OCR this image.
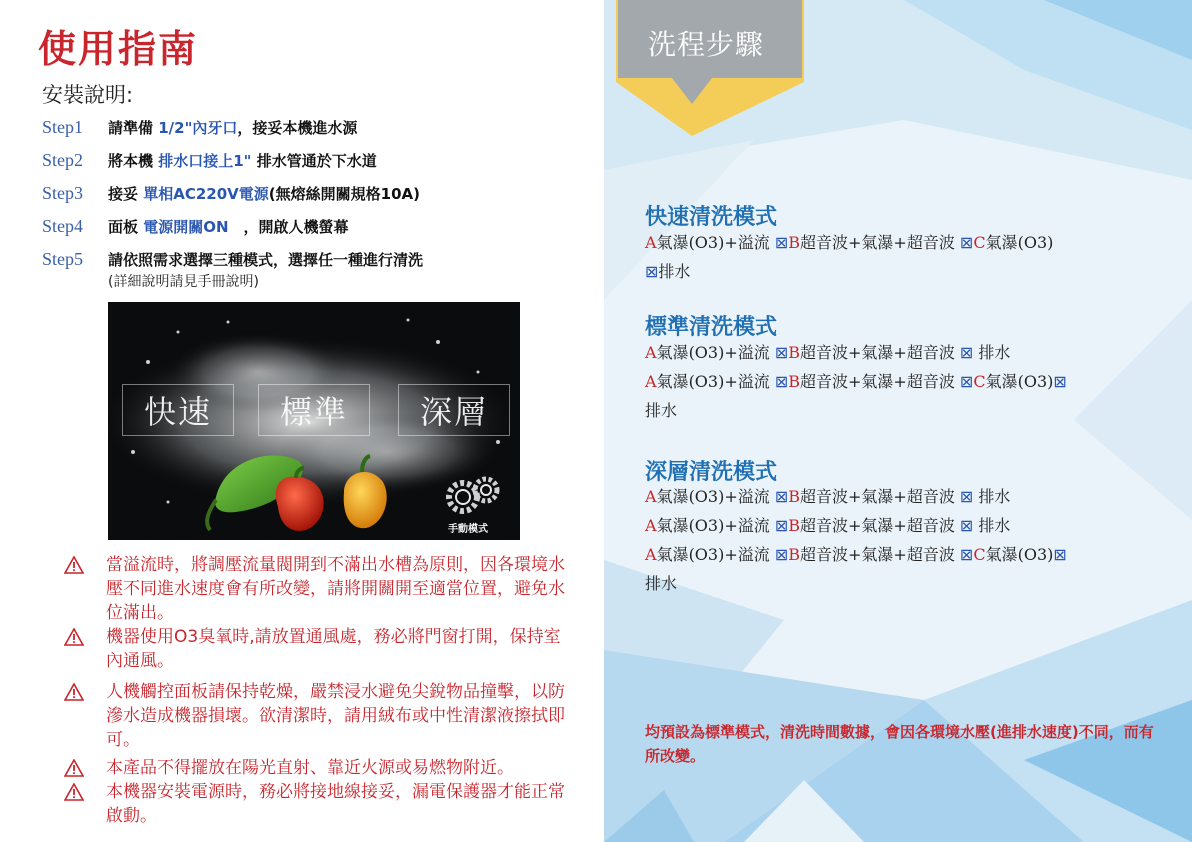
使用指南
安裝說明:
Step1 請準備 1/2"內牙口，接妥本機進水源
Step2 將本機 排水口接上1" 排水管通於下水道
Step3 接妥 單相AC220V電源(無熔絲開關規格10A)
Step4 面板 電源開關ON　，開啟人機螢幕
Step5 請依照需求選擇三種模式，選擇任一種進行清洗
(詳細說明請見手冊說明)
快速	標準	深層
手動模式
當溢流時，將調壓流量閥開到不滿出水槽為原則，因各環境水壓不同進水速度會有所改變，請將開關開至適當位置，避免水位滿出。
機器使用O3臭氧時,請放置通風處，務必將門窗打開，保持室內通風。
人機觸控面板請保持乾燥，嚴禁浸水避免尖銳物品撞擊，以防滲水造成機器損壞。欲清潔時，請用絨布或中性清潔液擦拭即可。
本產品不得擺放在陽光直射、靠近火源或易燃物附近。
本機器安裝電源時，務必將接地線接妥，漏電保護器才能正常啟動。
洗程步驟
快速清洗模式
A氣瀑(O3)+溢流 ⊠B超音波+氣瀑+超音波 ⊠C氣瀑(O3)
⊠排水
標準清洗模式
A氣瀑(O3)+溢流 ⊠B超音波+氣瀑+超音波 ⊠ 排水
A氣瀑(O3)+溢流 ⊠B超音波+氣瀑+超音波 ⊠C氣瀑(O3)⊠
排水
深層清洗模式
A氣瀑(O3)+溢流 ⊠B超音波+氣瀑+超音波 ⊠ 排水
A氣瀑(O3)+溢流 ⊠B超音波+氣瀑+超音波 ⊠ 排水
A氣瀑(O3)+溢流 ⊠B超音波+氣瀑+超音波 ⊠C氣瀑(O3)⊠
排水
均預設為標準模式，清洗時間數據，會因各環境水壓(進排水速度)不同，而有所改變。
